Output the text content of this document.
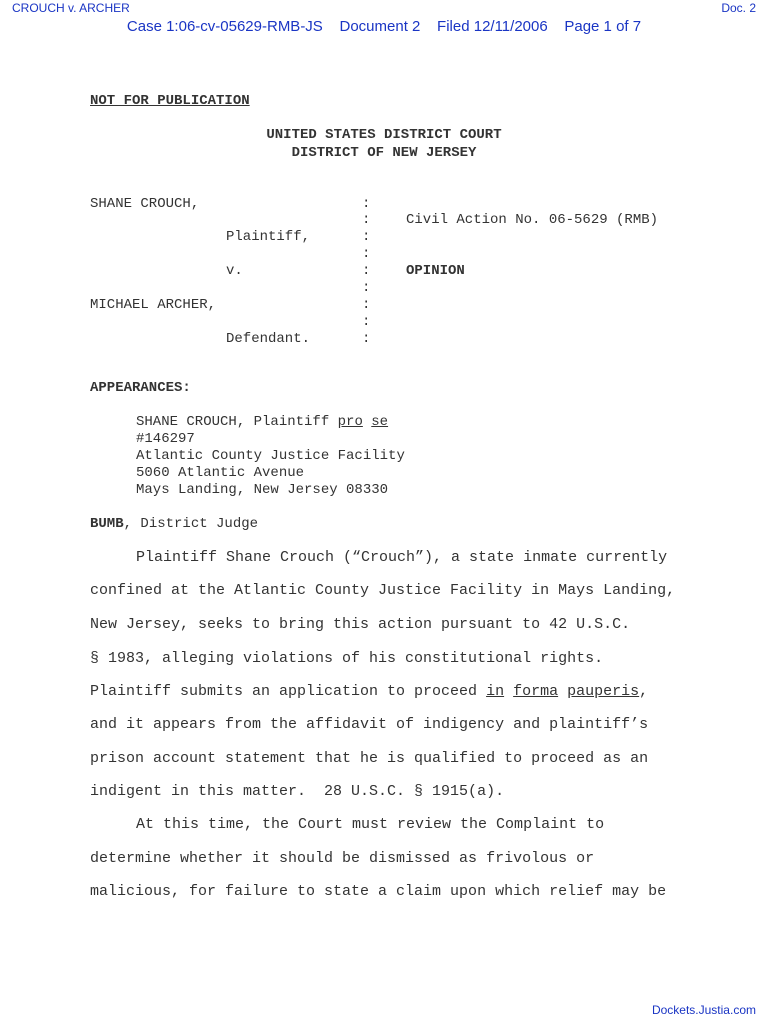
CROUCH v. ARCHER	Doc. 2
Case 1:06-cv-05629-RMB-JS Document 2 Filed 12/11/2006 Page 1 of 7
NOT FOR PUBLICATION
UNITED STATES DISTRICT COURT
DISTRICT OF NEW JERSEY
SHANE CROUCH,
Plaintiff,
v.
MICHAEL ARCHER,
Defendant.
:
:
:
:
:
:
:
:
:
Civil Action No. 06-5629 (RMB)
OPINION
APPEARANCES:
SHANE CROUCH, Plaintiff pro se
#146297
Atlantic County Justice Facility
5060 Atlantic Avenue
Mays Landing, New Jersey 08330
BUMB, District Judge
Plaintiff Shane Crouch (“Crouch”), a state inmate currently
confined at the Atlantic County Justice Facility in Mays Landing,
New Jersey, seeks to bring this action pursuant to 42 U.S.C.
§ 1983, alleging violations of his constitutional rights.
Plaintiff submits an application to proceed in forma pauperis,
and it appears from the affidavit of indigency and plaintiff’s
prison account statement that he is qualified to proceed as an
indigent in this matter.  28 U.S.C. § 1915(a).
At this time, the Court must review the Complaint to
determine whether it should be dismissed as frivolous or
malicious, for failure to state a claim upon which relief may be
Dockets.Justia.com
